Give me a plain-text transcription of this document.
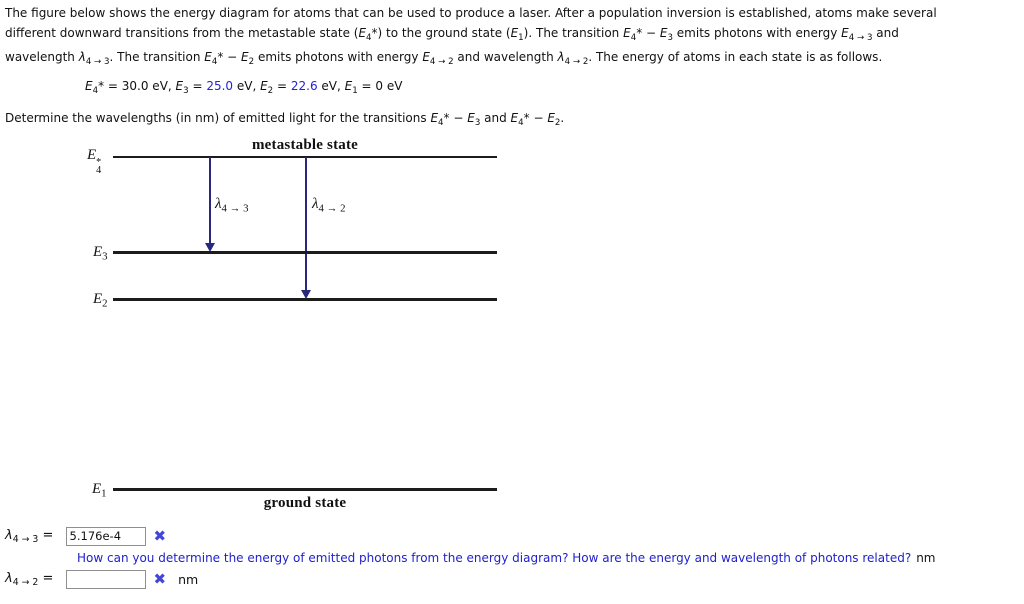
The figure below shows the energy diagram for atoms that can be used to produce a laser. After a population inversion is established, atoms make several
different downward transitions from the metastable state $(E_4*)$ to the ground state $(E_1)$. The transition $E_4* - E_3$ emits photons with energy $E_{4 \to 3}$ and
wavelength $\lambda_{4 \to 3}$. The transition $E_4* - E_2$ emits photons with energy $E_{4 \to 2}$ and wavelength $\lambda_{4 \to 2}$. The energy of atoms in each state is as follows.
$E_4* = 30.0$ eV, $E_3 = 25.0$ eV, $E_2 = 22.6$ eV, $E_1 = 0$ eV
Determine the wavelengths (in nm) of emitted light for the transitions $E_4* - E_3$ and $E_4* - E_2$.
metastable state
E *
4
$\lambda_{4 \to 3}$	$\lambda_{4 \to 2}$
$E_3$
$E_2$
$E_1$
ground state
$\lambda_{4 \to 3}$ =
5.176e-4	✖
How can you determine the energy of emitted photons from the energy diagram? How are the energy and wavelength of photons related? nm
$\lambda_{4 \to 2}$ =	✖ nm
